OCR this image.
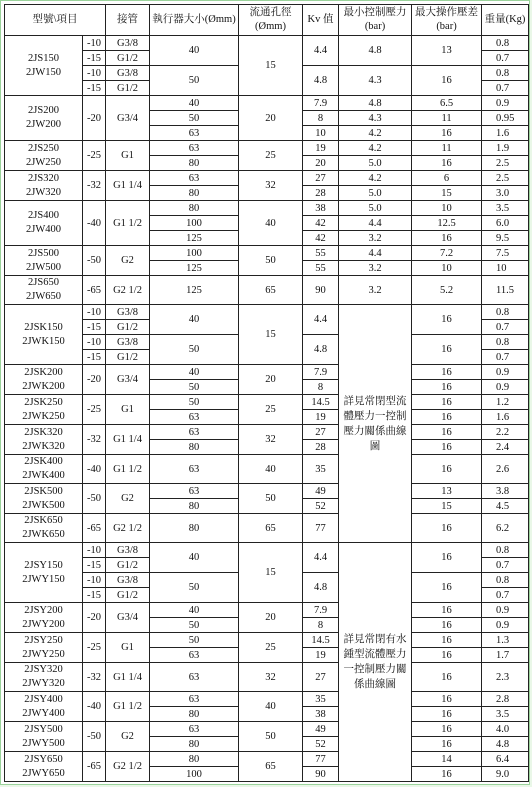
型號\項目		接管	執行器大小(Ømm)	流通孔徑(Ømm)	Kv 值	最小控制壓力(bar)	最大操作壓差(bar)	重量(Kg)

2JS150
2JW150	-10	G3/8	40	15	4.4	4.8	13	0.8
	-15	G1/2						0.7
	-10	G3/8	50		4.8	4.3	16	0.8
	-15	G1/2						0.7

2JS200
2JW200	-20	G3/4	40	20	7.9	4.8	6.5	0.9
			50		8	4.3	11	0.95
			63		10	4.2	16	1.6

2JS250
2JW250	-25	G1	63	25	19	4.2	11	1.9
			80		20	5.0	16	2.5

2JS320
2JW320	-32	G1 1/4	63	32	27	4.2	6	2.5
			80		28	5.0	15	3.0

2JS400
2JW400	-40	G1 1/2	80	40	38	5.0	10	3.5
			100		42	4.4	12.5	6.0
			125		42	3.2	16	9.5

2JS500
2JW500	-50	G2	100	50	55	4.4	7.2	7.5
			125		55	3.2	10	10

2JS650
2JW650	-65	G2 1/2	125	65	90	3.2	5.2	11.5

2JSK150
2JWK150	-10	G3/8	40	15	4.4	詳見常閉型流體壓力一控制壓力關係曲線圖	16	0.8
	-15	G1/2						0.7
	-10	G3/8	50		4.8		16	0.8
	-15	G1/2						0.7

2JSK200
2JWK200	-20	G3/4	40	20	7.9		16	0.9
			50		8		16	0.9

2JSK250
2JWK250	-25	G1	50	25	14.5		16	1.2
			63		19		16	1.6

2JSK320
2JWK320	-32	G1 1/4	63	32	27		16	2.2
			80		28		16	2.4

2JSK400
2JWK400	-40	G1 1/2	63	40	35		16	2.6

2JSK500
2JWK500	-50	G2	63	50	49		13	3.8
			80		52		15	4.5

2JSK650
2JWK650	-65	G2 1/2	80	65	77		16	6.2

2JSY150
2JWY150	-10	G3/8	40	15	4.4	詳見常閉有水鍾型流體壓力一控制壓力關係曲線圖	16	0.8
	-15	G1/2						0.7
	-10	G3/8	50		4.8		16	0.8
	-15	G1/2						0.7

2JSY200
2JWY200	-20	G3/4	40	20	7.9		16	0.9
			50		8		16	0.9

2JSY250
2JWY250	-25	G1	50	25	14.5		16	1.3
			63		19		16	1.7

2JSY320
2JWY320	-32	G1 1/4	63	32	27		16	2.3

2JSY400
2JWY400	-40	G1 1/2	63	40	35		16	2.8
			80		38		16	3.5

2JSY500
2JWY500	-50	G2	63	50	49		16	4.0
			80		52		16	4.8

2JSY650
2JWY650	-65	G2 1/2	80	65	77		14	6.4
			100		90		16	9.0
